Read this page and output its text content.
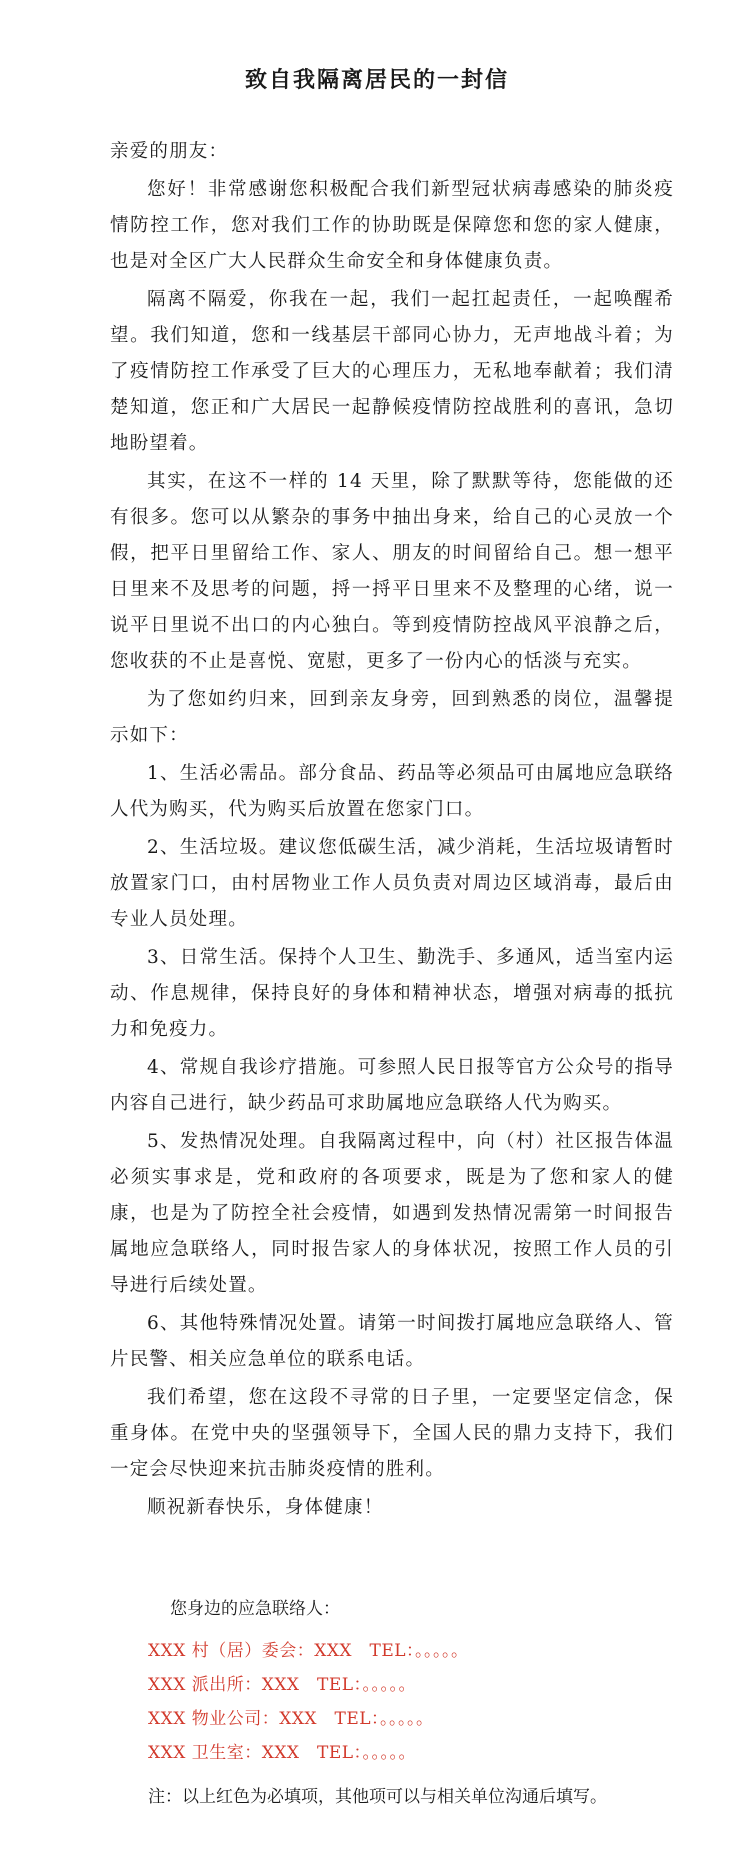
致自我隔离居民的一封信

亲爱的朋友：

您好！非常感谢您积极配合我们新型冠状病毒感染的肺炎疫情防控工作，您对我们工作的协助既是保障您和您的家人健康，也是对全区广大人民群众生命安全和身体健康负责。

隔离不隔爱，你我在一起，我们一起扛起责任，一起唤醒希望。我们知道，您和一线基层干部同心协力，无声地战斗着；为了疫情防控工作承受了巨大的心理压力，无私地奉献着；我们清楚知道，您正和广大居民一起静候疫情防控战胜利的喜讯，急切地盼望着。

其实，在这不一样的 14 天里，除了默默等待，您能做的还有很多。您可以从繁杂的事务中抽出身来，给自己的心灵放一个假，把平日里留给工作、家人、朋友的时间留给自己。想一想平日里来不及思考的问题，捋一捋平日里来不及整理的心绪，说一说平日里说不出口的内心独白。等到疫情防控战风平浪静之后，您收获的不止是喜悦、宽慰，更多了一份内心的恬淡与充实。

为了您如约归来，回到亲友身旁，回到熟悉的岗位，温馨提示如下：

1、生活必需品。部分食品、药品等必须品可由属地应急联络人代为购买，代为购买后放置在您家门口。

2、生活垃圾。建议您低碳生活，减少消耗，生活垃圾请暂时放置家门口，由村居物业工作人员负责对周边区域消毒，最后由专业人员处理。

3、日常生活。保持个人卫生、勤洗手、多通风，适当室内运动、作息规律，保持良好的身体和精神状态，增强对病毒的抵抗力和免疫力。

4、常规自我诊疗措施。可参照人民日报等官方公众号的指导内容自己进行，缺少药品可求助属地应急联络人代为购买。

5、发热情况处理。自我隔离过程中，向（村）社区报告体温必须实事求是，党和政府的各项要求，既是为了您和家人的健康，也是为了防控全社会疫情，如遇到发热情况需第一时间报告属地应急联络人，同时报告家人的身体状况，按照工作人员的引导进行后续处置。

6、其他特殊情况处置。请第一时间拨打属地应急联络人、管片民警、相关应急单位的联系电话。

我们希望，您在这段不寻常的日子里，一定要坚定信念，保重身体。在党中央的坚强领导下，全国人民的鼎力支持下，我们一定会尽快迎来抗击肺炎疫情的胜利。

顺祝新春快乐，身体健康！

您身边的应急联络人：
XXX 村（居）委会：XXX　TEL：。。。。。
XXX 派出所：XXX　TEL：。。。。。
XXX 物业公司：XXX　TEL：。。。。。
XXX 卫生室：XXX　TEL：。。。。。
注：以上红色为必填项，其他项可以与相关单位沟通后填写。
